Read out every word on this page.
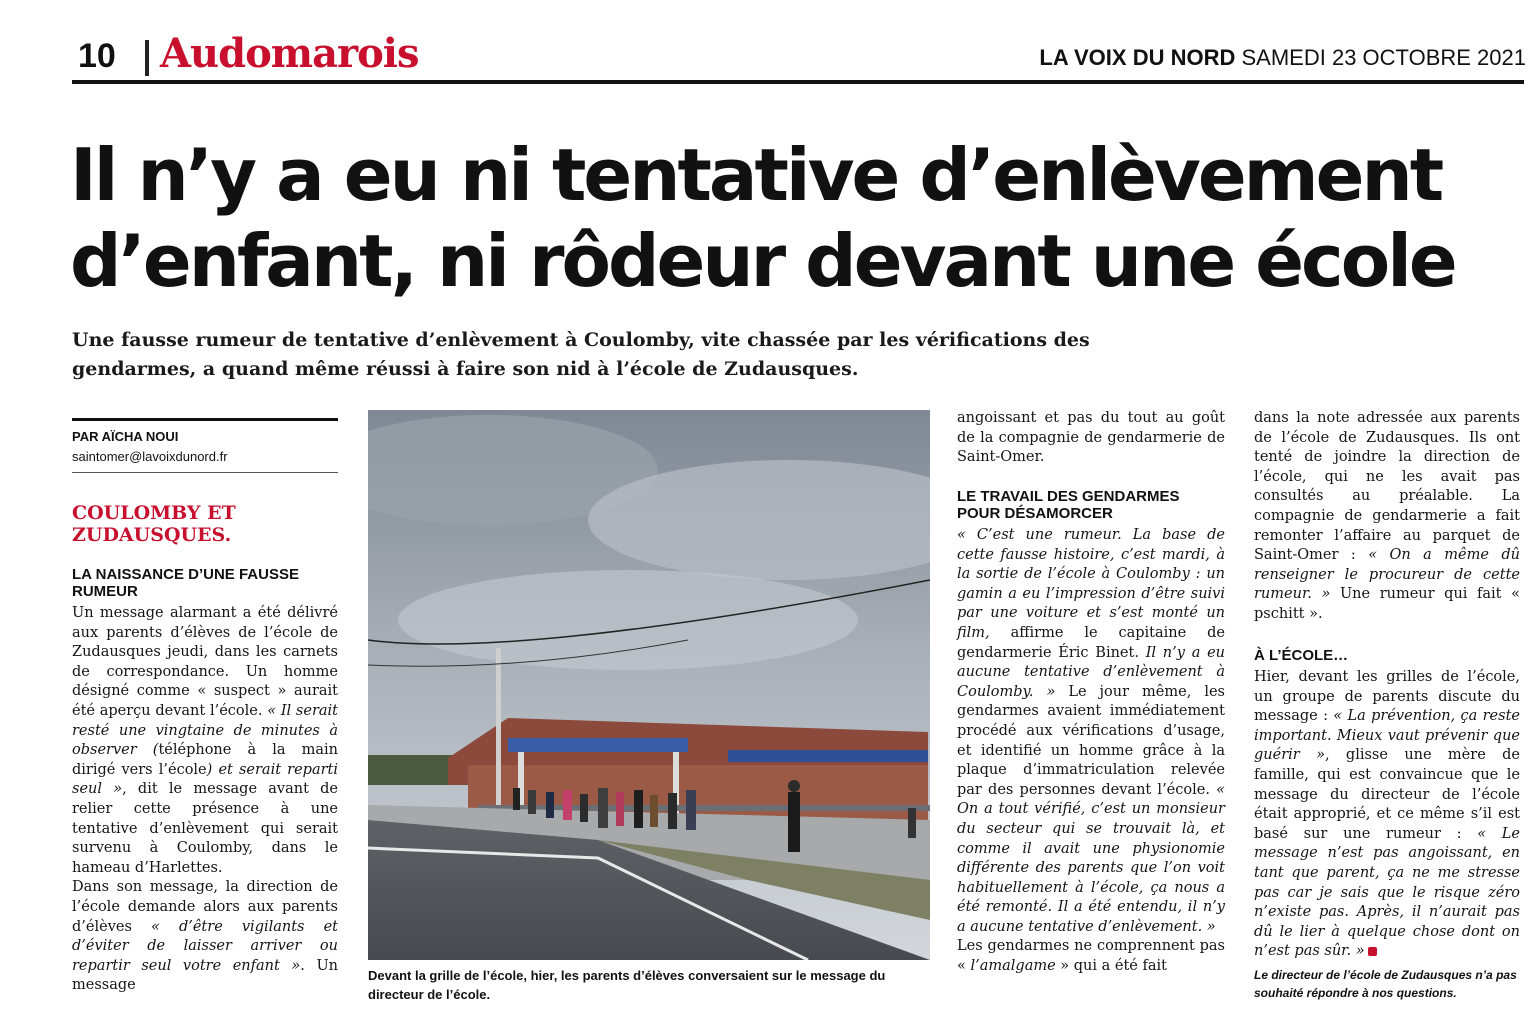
10 Audomarois	LA VOIX DU NORD SAMEDI 23 OCTOBRE 2021
Il n’y a eu ni tentative d’enlèvement d’enfant, ni rôdeur devant une école

Une fausse rumeur de tentative d’enlèvement à Coulomby, vite chassée par les vérifications des gendarmes, a quand même réussi à faire son nid à l’école de Zudausques.

PAR AÏCHA NOUI
saintomer@lavoixdunord.fr
COULOMBY ET ZUDAUSQUES.
LA NAISSANCE D’UNE FAUSSE RUMEUR

Un message alarmant a été délivré aux parents d’élèves de l’école de Zudausques jeudi, dans les carnets de correspondance. Un homme désigné comme « suspect » aurait été aperçu devant l’école. « Il serait resté une vingtaine de minutes à observer (téléphone à la main dirigé vers l’école) et serait reparti seul », dit le message avant de relier cette présence à une tentative d’enlèvement qui serait survenu à Coulomby, dans le hameau d’Harlettes.

Dans son message, la direction de l’école demande alors aux parents d’élèves « d’être vigilants et d’éviter de laisser arriver ou repartir seul votre enfant ». Un message

Devant la grille de l’école, hier, les parents d’élèves conversaient sur le message du directeur de l’école.

angoissant et pas du tout au goût de la compagnie de gendarmerie de Saint-Omer.
LE TRAVAIL DES GENDARMES POUR DÉSAMORCER

« C’est une rumeur. La base de cette fausse histoire, c’est mardi, à la sortie de l’école à Coulomby : un gamin a eu l’impression d’être suivi par une voiture et s’est monté un film, affirme le capitaine de gendarmerie Éric Binet. Il n’y a eu aucune tentative d’enlèvement à Coulomby. » Le jour même, les gendarmes avaient immédiatement procédé aux vérifications d’usage, et identifié un homme grâce à la plaque d’immatriculation relevée par des personnes devant l’école. « On a tout vérifié, c’est un monsieur du secteur qui se trouvait là, et comme il avait une physionomie différente des parents que l’on voit habituellement à l’école, ça nous a été remonté. Il a été entendu, il n’y a aucune tentative d’enlèvement. »

Les gendarmes ne comprennent pas « l’amalgame » qui a été fait

dans la note adressée aux parents de l’école de Zudausques. Ils ont tenté de joindre la direction de l’école, qui ne les avait pas consultés au préalable. La compagnie de gendarmerie a fait remonter l’affaire au parquet de Saint-Omer : « On a même dû renseigner le procureur de cette rumeur. » Une rumeur qui fait « pschitt ».

À L’ÉCOLE…

Hier, devant les grilles de l’école, un groupe de parents discute du message : « La prévention, ça reste important. Mieux vaut prévenir que guérir », glisse une mère de famille, qui est convaincue que le message du directeur de l’école était approprié, et ce même s’il est basé sur une rumeur : « Le message n’est pas angoissant, en tant que parent, ça ne me stresse pas car je sais que le risque zéro n’existe pas. Après, il n’aurait pas dû le lier à quelque chose dont on n’est pas sûr. »

Le directeur de l’école de Zudausques n’a pas souhaité répondre à nos questions.
